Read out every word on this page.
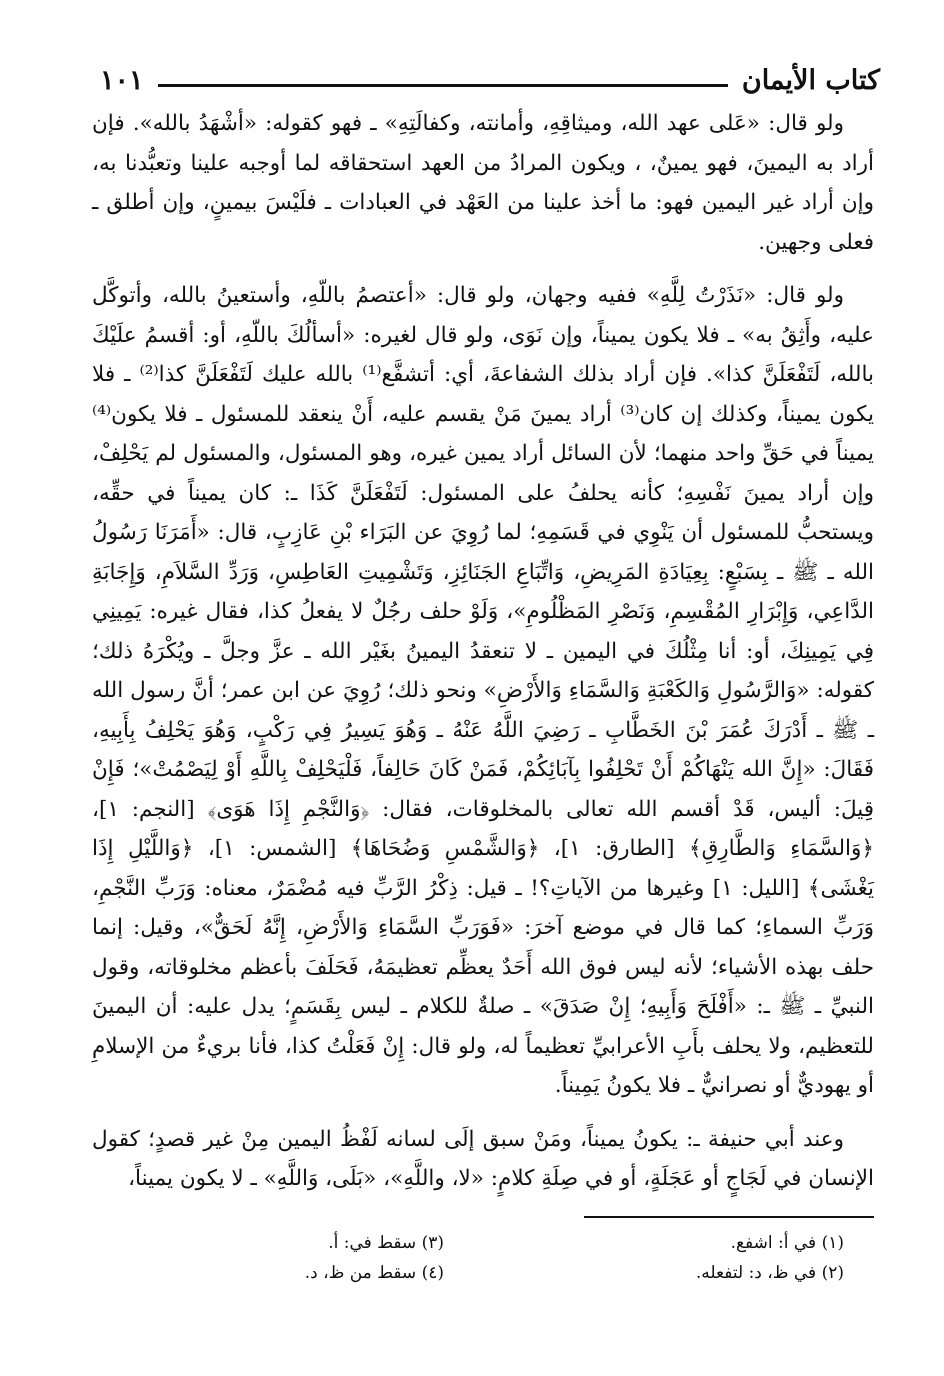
كتاب الأيمان
١٠١

ولو قال: «عَلى عهد الله، وميثاقِهِ، وأمانته، وكفالَتِهِ» ـ فهو كقوله: «أشْهَدُ بالله». فإن أراد به اليمينَ، فهو يمينٌ، ، ويكون المرادُ من العهد استحقاقه لما أوجبه علينا وتعبُّدنا به، وإن أراد غير اليمين فهو: ما أخذ علينا من العَهْد في العبادات ـ فلَيْسَ بيمينٍ، وإن أطلق ـ فعلى وجهين.

ولو قال: «نَذَرْتُ لِلَّهِ» ففيه وجهان، ولو قال: «أعتصمُ باللّهِ، وأستعينُ بالله، وأتوكَّل عليه، وأَثِقُ به» ـ فلا يكون يميناً، وإن نَوَى، ولو قال لغيره: «أسألُكَ باللّهِ، أو: أقسمُ علَيْكَ بالله، لَتَفْعَلَنَّ كذا». فإن أراد بذلك الشفاعةَ، أي: أتشفَّع⁽¹⁾ بالله عليك لَتَفْعَلَنَّ كذا⁽²⁾ ـ فلا يكون يميناً، وكذلك إن كان⁽³⁾ أراد يمينَ مَنْ يقسم عليه، أَنْ ينعقد للمسئول ـ فلا يكون⁽⁴⁾ يميناً في حَقِّ واحد منهما؛ لأن السائل أراد يمين غيره، وهو المسئول، والمسئول لم يَحْلِفْ، وإن أراد يمينَ نَفْسِهِ؛ كأنه يحلفُ على المسئول: لَتَفْعَلَنَّ كَذَا ـ: كان يميناً في حقِّه، ويستحبُّ للمسئول أن يَنْوِي في قَسَمِهِ؛ لما رُوِيَ عن البَرَاء بْنِ عَازِبٍ، قال: «أَمَرَنَا رَسُولُ الله ـ ﷺ ـ بِسَبْعٍ: بِعِيَادَةِ المَرِيضِ، وَاتِّبَاعِ الجَنَائِزِ، وَتَشْمِيتِ العَاطِسِ، وَرَدِّ السَّلاَمِ، وَإِجَابَةِ الدَّاعِي، وَإِبْرَارِ المُقْسِمِ، وَنَصْرِ المَظْلُومِ»، وَلَوْ حلف رجُلٌ لا يفعلُ كذا، فقال غيره: يَمِينِي فِي يَمِينِكَ، أو: أنا مِثْلُكَ في اليمين ـ لا تنعقدُ اليمينُ بغَيْر الله ـ عزَّ وجلَّ ـ ويُكْرَهُ ذلك؛ كقوله: «وَالرَّسُولِ وَالكَعْبَةِ وَالسَّمَاءِ وَالأَرْضِ» ونحو ذلك؛ رُوِيَ عن ابن عمر؛ أنَّ رسول الله ـ ﷺ ـ أَدْرَكَ عُمَرَ بْنَ الخَطَّابِ ـ رَضِيَ اللَّهُ عَنْهُ ـ وَهُوَ يَسِيرُ فِي رَكْبٍ، وَهُوَ يَحْلِفُ بِأَبِيهِ، فَقَالَ: «إِنَّ الله يَنْهَاكُمْ أَنْ تَحْلِفُوا بِآبَائِكُمْ، فَمَنْ كَانَ حَالِفاً، فَلْيَحْلِفْ بِاللَّهِ أَوْ لِيَصْمُتْ»؛ فَإِنْ قِيلَ: أليس، قَدْ أقسم الله تعالى بالمخلوقات، فقال: ﴿وَالنَّجْمِ إِذَا هَوَى﴾ [النجم: ١]، ﴿وَالسَّمَاءِ وَالطَّارِقِ﴾ [الطارق: ١]، ﴿وَالشَّمْسِ وَضُحَاهَا﴾ [الشمس: ١]، ﴿وَاللَّيْلِ إِذَا يَغْشَى﴾ [الليل: ١] وغيرها من الآياتِ؟! ـ قيل: ذِكْرُ الرَّبِّ فيه مُضْمَرٌ، معناه: وَرَبِّ النَّجْمِ، وَرَبِّ السماءِ؛ كما قال في موضع آخرَ: «فَوَرَبِّ السَّمَاءِ وَالأَرْضِ، إِنَّهُ لَحَقٌّ»، وقيل: إنما حلف بهذه الأشياء؛ لأنه ليس فوق الله أَحَدٌ يعظِّم تعظيمَهُ، فَحَلَفَ بأعظم مخلوقاته، وقول النبيِّ ـ ﷺ ـ: «أَفْلَحَ وَأَبِيهِ؛ إِنْ صَدَقَ» ـ صلةٌ للكلام ـ ليس بِقَسَمٍ؛ يدل عليه: أن اليمينَ للتعظيم، ولا يحلف بأَبِ الأعرابيِّ تعظيماً له، ولو قال: إِنْ فَعَلْتُ كذا، فأنا بريءٌ من الإسلامِ أو يهوديٌّ أو نصرانيٌّ ـ فلا يكونُ يَمِيناً.

وعند أبي حنيفة ـ: يكونُ يميناً، ومَنْ سبق إلَى لسانه لَفْظُ اليمين مِنْ غير قصدٍ؛ كقول الإنسان في لَجَاجٍ أو عَجَلَةٍ، أو في صِلَةِ كلامٍ: «لا، واللَّهِ»، «بَلَى، وَاللَّهِ» ـ لا يكون يميناً،

(١) في أ: اشفع.
(٢) في ظ، د: لتفعله.
(٣) سقط في: أ.
(٤) سقط من ظ، د.
